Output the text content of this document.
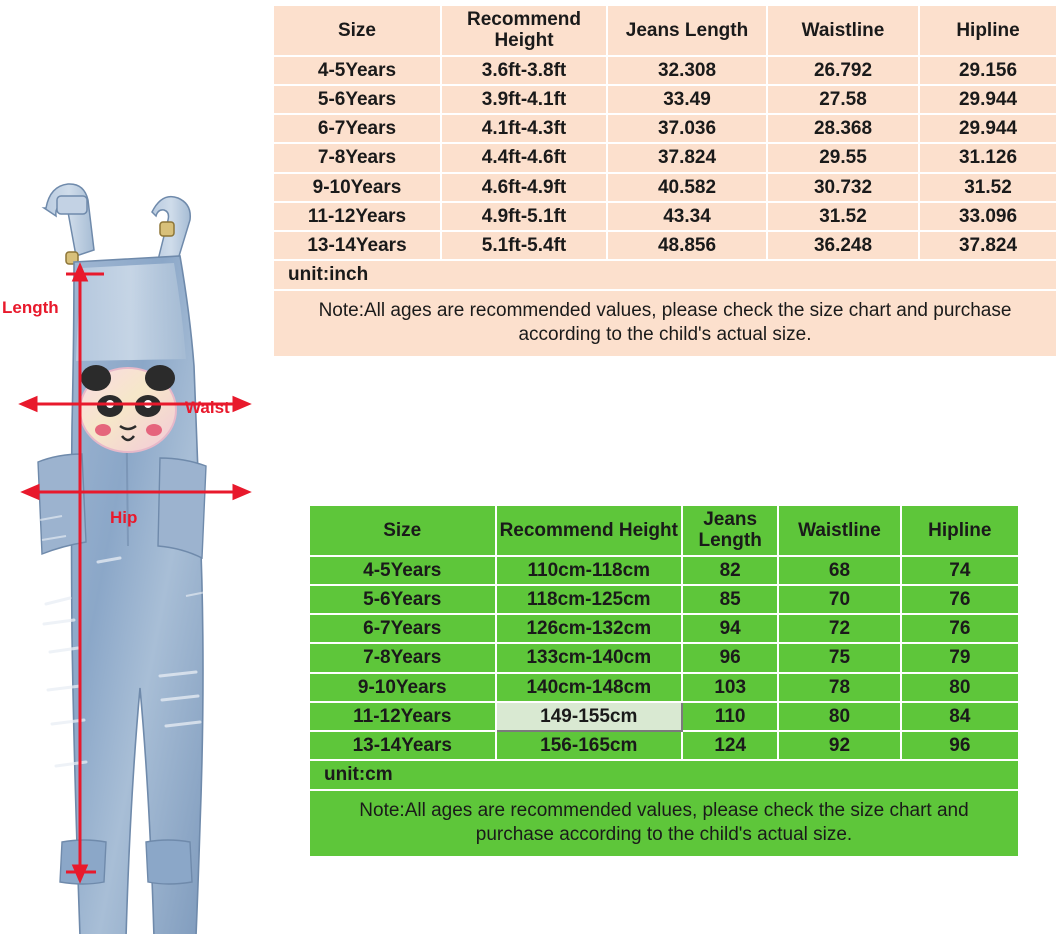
Length
Waist
Hip
Size	Recommend Height	Jeans Length	Waistline	Hipline
4-5Years	3.6ft-3.8ft	32.308	26.792	29.156
5-6Years	3.9ft-4.1ft	33.49	27.58	29.944
6-7Years	4.1ft-4.3ft	37.036	28.368	29.944
7-8Years	4.4ft-4.6ft	37.824	29.55	31.126
9-10Years	4.6ft-4.9ft	40.582	30.732	31.52
11-12Years	4.9ft-5.1ft	43.34	31.52	33.096
13-14Years	5.1ft-5.4ft	48.856	36.248	37.824
unit:inch				
Note:All ages are recommended values, please check the size chart and purchase according to the child's actual size.				
Size	Recommend Height	Jeans Length	Waistline	Hipline
4-5Years	110cm-118cm	82	68	74
5-6Years	118cm-125cm	85	70	76
6-7Years	126cm-132cm	94	72	76
7-8Years	133cm-140cm	96	75	79
9-10Years	140cm-148cm	103	78	80
11-12Years	149-155cm	110	80	84
13-14Years	156-165cm	124	92	96
unit:cm				
Note:All ages are recommended values, please check the size chart and purchase according to the child's actual size.				
